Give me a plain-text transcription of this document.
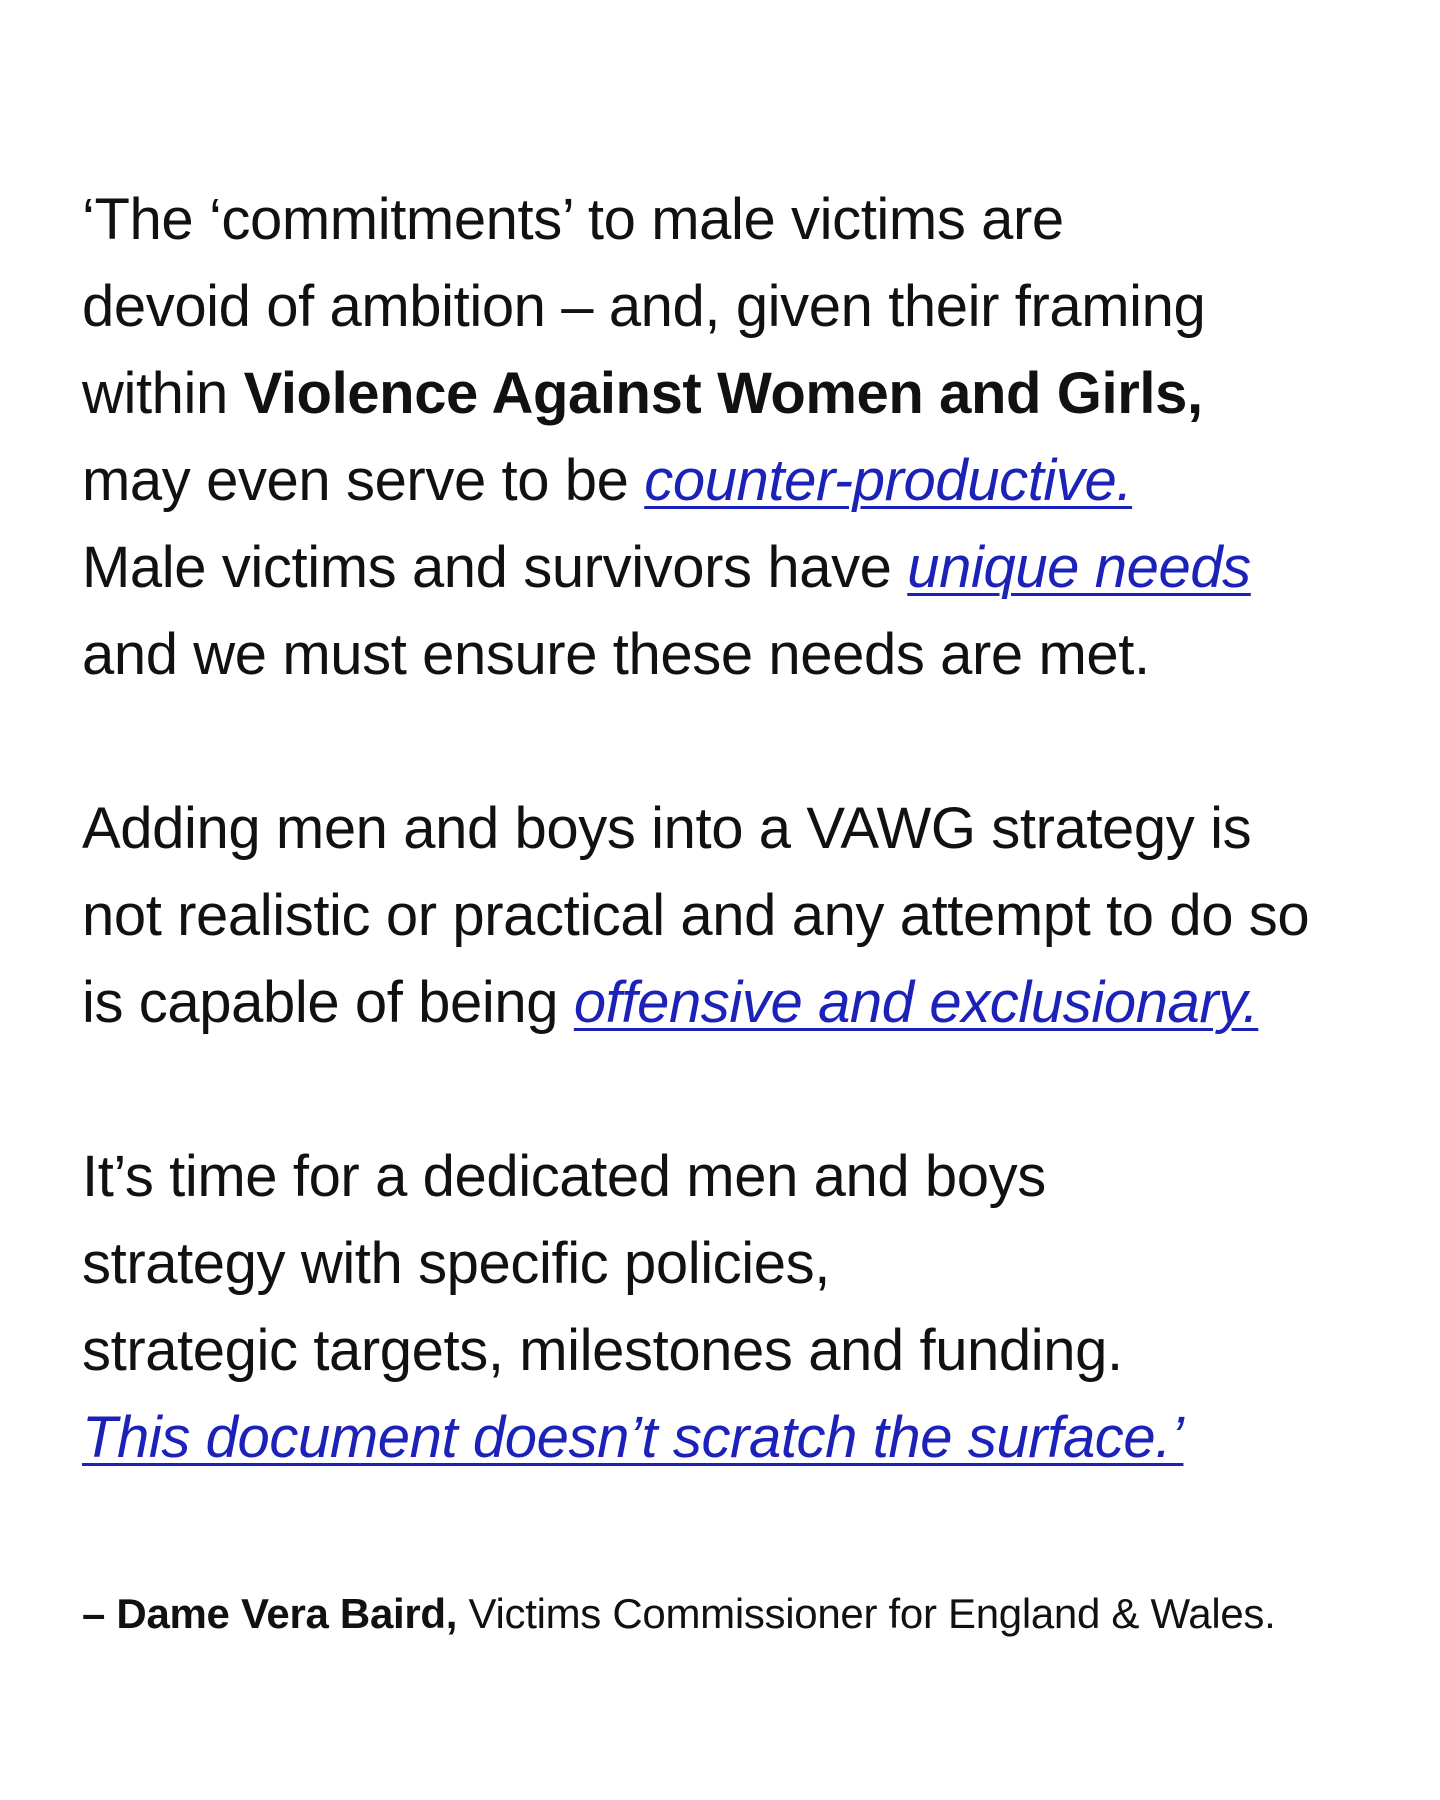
‘The ‘commitments’ to male victims are
devoid of ambition – and, given their framing
within Violence Against Women and Girls,
may even serve to be counter-productive.
Male victims and survivors have unique needs
and we must ensure these needs are met.

Adding men and boys into a VAWG strategy is
not realistic or practical and any attempt to do so
is capable of being offensive and exclusionary.

It’s time for a dedicated men and boys
strategy with specific policies,
strategic targets, milestones and funding.
This document doesn’t scratch the surface.’

– Dame Vera Baird, Victims Commissioner for England & Wales.
